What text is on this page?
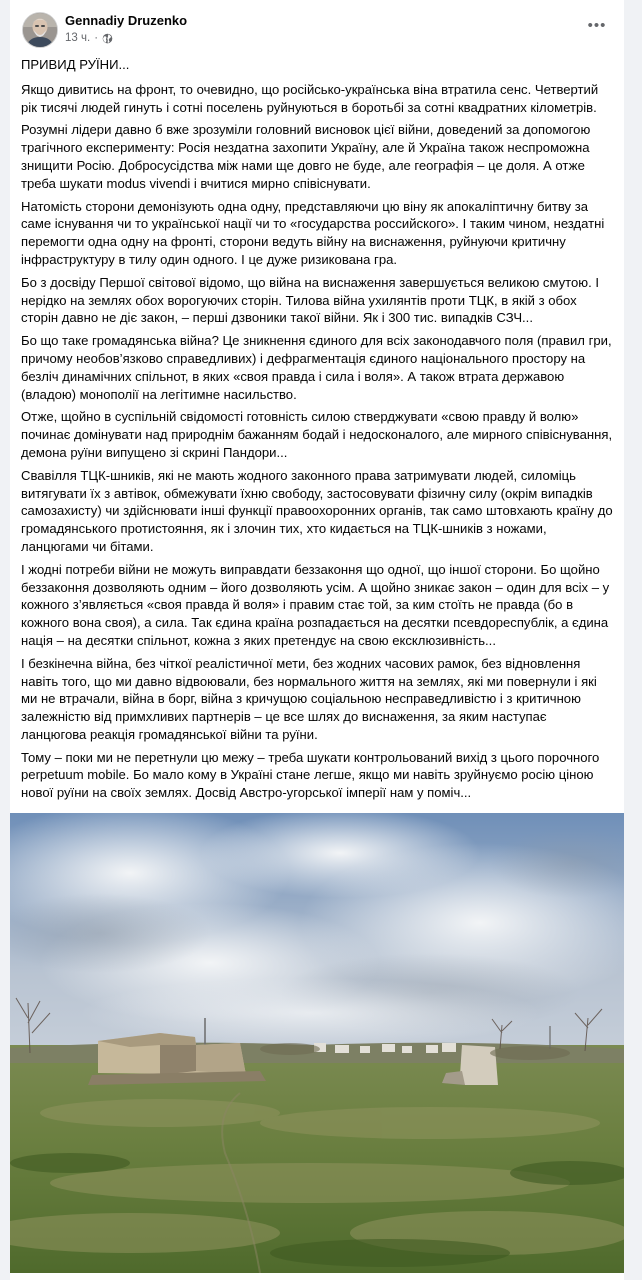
Gennadiy Druzenko
13 ч. ·
•••

ПРИВИД РУЇНИ...

Якщо дивитись на фронт, то очевидно, що російсько-українська віна втратила сенс. Четвертий рік тисячі людей гинуть і сотні поселень руйнуються в боротьбі за сотні квадратних кілометрів.

Розумні лідери давно б вже зрозуміли головний висновок цієї війни, доведений за допомогою трагічного експерименту: Росія нездатна захопити Україну, але й Україна також неспроможна знищити Росію. Добросусідства між нами ще довго не буде, але географія – це доля. А отже треба шукати modus vivendi і вчитися мирно співіснувати.

Натомість сторони демонізують одна одну, представляючи цю віну як апокаліптичну битву за саме існування чи то української нації чи то «государства российского». І таким чином, нездатні перемогти одна одну на фронті, сторони ведуть війну на виснаження, руйнуючи критичну інфраструктуру в тилу один одного. І це дуже ризикована гра.

Бо з досвіду Першої світової відомо, що війна на виснаження завершується великою смутою. І нерідко на землях обох ворогуючих сторін. Тилова війна ухилянтів проти ТЦК, в якій з обох сторін давно не діє закон, – перші дзвоники такої війни. Як і 300 тис. випадків СЗЧ...

Бо що таке громадянська війна? Це зникнення єдиного для всіх законодавчого поля (правил гри, причому необов’язково справедливих) і дефрагментація єдиного національного простору на безліч динамічних спільнот, в яких «своя правда і сила і воля». А також втрата державою (владою) монополії на легітимне насильство.

Отже, щойно в суспільній свідомості готовність силою стверджувати «свою правду й волю» починає домінувати над природнім бажанням бодай і недосконалого, але мирного співіснування, демона руїни випущено зі скрині Пандори...

Свавілля ТЦК-шників, які не мають жодного законного права затримувати людей, силоміць витягувати їх з автівок, обмежувати їхню свободу, застосовувати фізичну силу (окрім випадків самозахисту) чи здійснювати інші функції правоохоронних органів, так само штовхають країну до громадянського протистояння, як і злочин тих, хто кидається на ТЦК-шників з ножами, ланцюгами чи бітами.

І жодні потреби війни не можуть виправдати беззаконня що одної, що іншої сторони. Бо щойно беззаконня дозволяють одним – його дозволяють усім. А щойно зникає закон – один для всіх – у кожного з’являється «своя правдa й воля» і правим стає той, за ким стоїть не правда (бо в кожного вона своя), а сила. Так єдина країна розпадається на десятки псевдореспублік, а єдина нація – на десятки спільнот, кожна з яких претендує на свою ексклюзивність...

І безкінечна війна, без чіткої реалістичної мети, без жодних часових рамок, без відновлення навіть того, що ми давно відвоювали, без нормального життя на землях, які ми повернули і які ми не втрачали, війна в борг, війна з кричущою соціальною несправедливістю і з критичною залежністю від примхливих партнерів – це все шлях до виснаження, за яким наступає ланцюгова реакція громадянської війни та руїни.

Тому – поки ми не перетнули цю межу – треба шукати контрольований вихід з цього порочного perpetuum mobile. Бо мало кому в Україні стане легше, якщо ми навіть зруйнуємо росію ціною нової руїни на своїх землях. Досвід Австро-угорської імперії нам у поміч...
